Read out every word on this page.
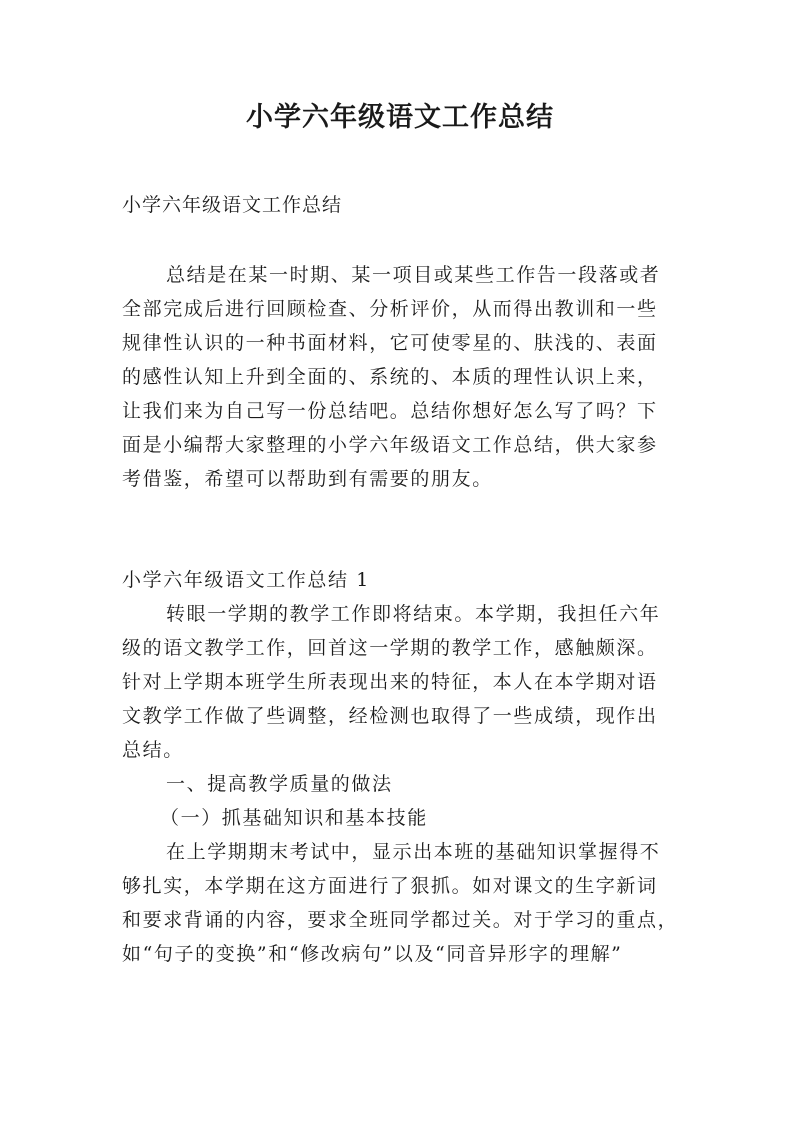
小学六年级语文工作总结
小学六年级语文工作总结
总结是在某一时期、某一项目或某些工作告一段落或者
全部完成后进行回顾检查、分析评价，从而得出教训和一些
规律性认识的一种书面材料，它可使零星的、肤浅的、表面
的感性认知上升到全面的、系统的、本质的理性认识上来，
让我们来为自己写一份总结吧。总结你想好怎么写了吗？下
面是小编帮大家整理的小学六年级语文工作总结，供大家参
考借鉴，希望可以帮助到有需要的朋友。
小学六年级语文工作总结 1
转眼一学期的教学工作即将结束。本学期，我担任六年
级的语文教学工作，回首这一学期的教学工作，感触颇深。
针对上学期本班学生所表现出来的特征，本人在本学期对语
文教学工作做了些调整，经检测也取得了一些成绩，现作出
总结。
一、提高教学质量的做法
（一）抓基础知识和基本技能
在上学期期末考试中，显示出本班的基础知识掌握得不
够扎实，本学期在这方面进行了狠抓。如对课文的生字新词
和要求背诵的内容，要求全班同学都过关。对于学习的重点，
如“句子的变换”和“修改病句”以及“同音异形字的理解”
